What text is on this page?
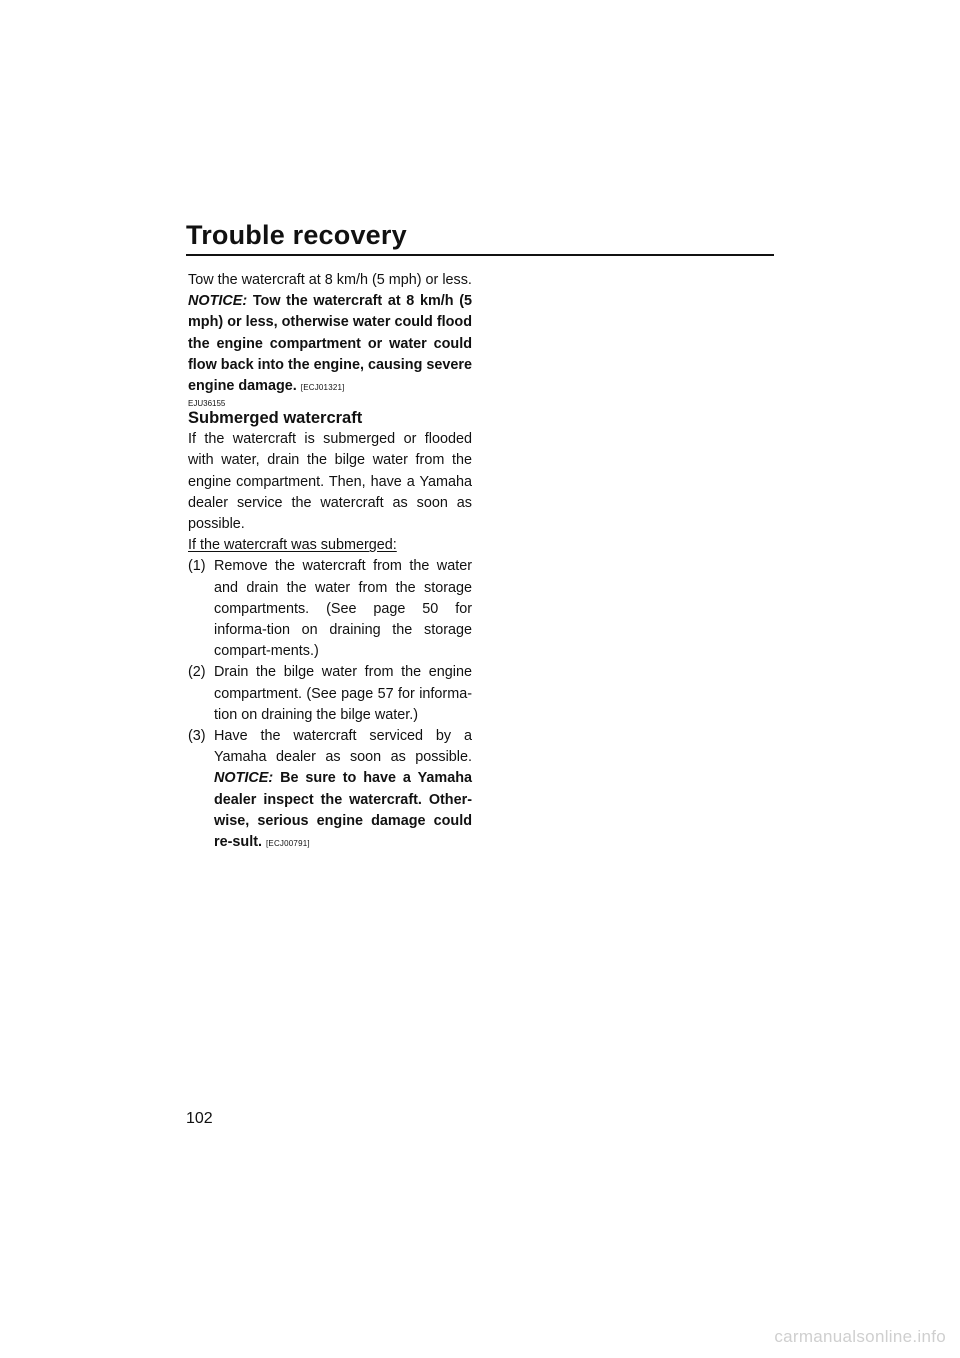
Trouble recovery

Tow the watercraft at 8 km/h (5 mph) or less.

NOTICE: Tow the watercraft at 8 km/h (5 mph) or less, otherwise water could flood the engine compartment or water could flow back into the engine, causing severe engine damage. [ECJ01321]

EJU36155
Submerged watercraft

If the watercraft is submerged or flooded with water, drain the bilge water from the engine compartment. Then, have a Yamaha dealer service the watercraft as soon as possible.

If the watercraft was submerged:

(1) Remove the watercraft from the water and drain the water from the storage compartments. (See page 50 for informa-tion on draining the storage compart-ments.)
(2) Drain the bilge water from the engine compartment. (See page 57 for informa-tion on draining the bilge water.)
(3) Have the watercraft serviced by a Yamaha dealer as soon as possible. NOTICE: Be sure to have a Yamaha dealer inspect the watercraft. Other-wise, serious engine damage could re-sult. [ECJ00791]
102
carmanualsonline.info
